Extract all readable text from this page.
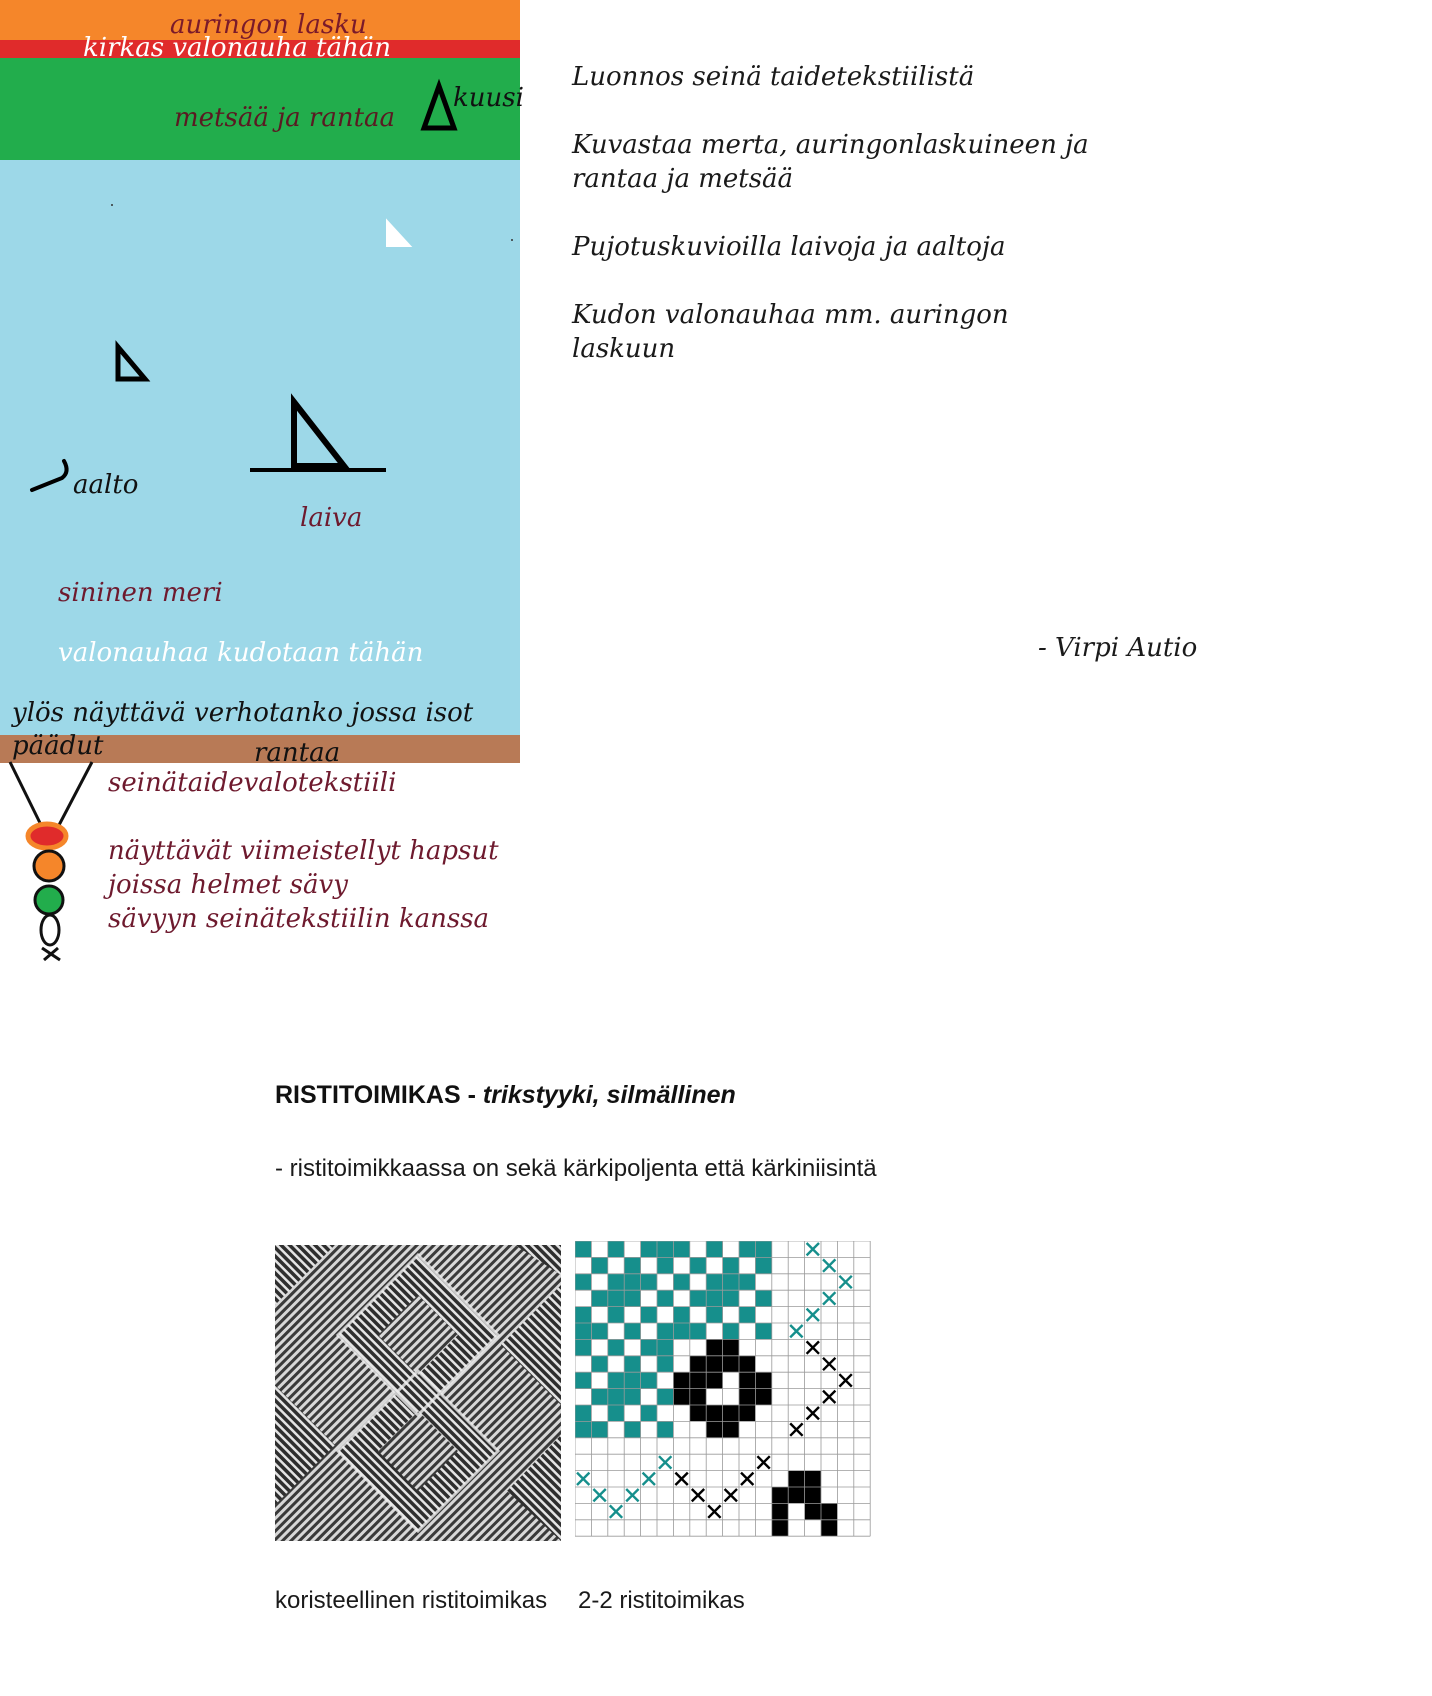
auringon lasku
kirkas valonauha tähän
metsää ja rantaa
kuusi
aalto
laiva
sininen meri
valonauhaa kudotaan tähän
ylös näyttävä verhotanko jossa isot
päädut	rantaa
seinätaidevalotekstiili
näyttävät viimeistellyt hapsut
joissa helmet sävy
sävyyn seinätekstiilin kanssa
Luonnos seinä taidetekstiilistä
Kuvastaa merta, auringonlaskuineen ja
rantaa ja metsää
Pujotuskuvioilla laivoja ja aaltoja
Kudon valonauhaa mm. auringon
laskuun
- Virpi Autio
RISTITOIMIKAS - trikstyyki, silmällinen
- ristitoimikkaassa on sekä kärkipoljenta että kärkiniisintä
koristeellinen ristitoimikas 2-2 ristitoimikas
